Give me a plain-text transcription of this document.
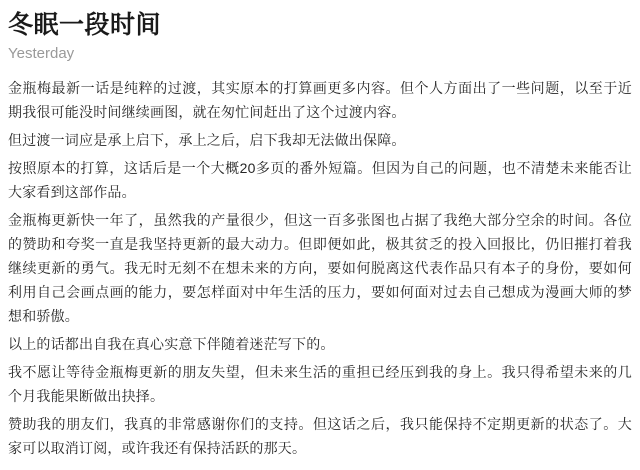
冬眠一段时间
Yesterday

金瓶梅最新一话是纯粹的过渡，其实原本的打算画更多内容。但个人方面出了一些问题，以至于近期我很可能没时间继续画图，就在匆忙间赶出了这个过渡内容。

但过渡一词应是承上启下，承上之后，启下我却无法做出保障。

按照原本的打算，这话后是一个大概20多页的番外短篇。但因为自己的问题，也不清楚未来能否让大家看到这部作品。

金瓶梅更新快一年了，虽然我的产量很少，但这一百多张图也占据了我绝大部分空余的时间。各位的赞助和夸奖一直是我坚持更新的最大动力。但即便如此，极其贫乏的投入回报比，仍旧摧打着我继续更新的勇气。我无时无刻不在想未来的方向，要如何脱离这代表作品只有本子的身份，要如何利用自己会画点画的能力，要怎样面对中年生活的压力，要如何面对过去自己想成为漫画大师的梦想和骄傲。

以上的话都出自我在真心实意下伴随着迷茫写下的。

我不愿让等待金瓶梅更新的朋友失望，但未来生活的重担已经压到我的身上。我只得希望未来的几个月我能果断做出抉择。

赞助我的朋友们，我真的非常感谢你们的支持。但这话之后，我只能保持不定期更新的状态了。大家可以取消订阅，或许我还有保持活跃的那天。
